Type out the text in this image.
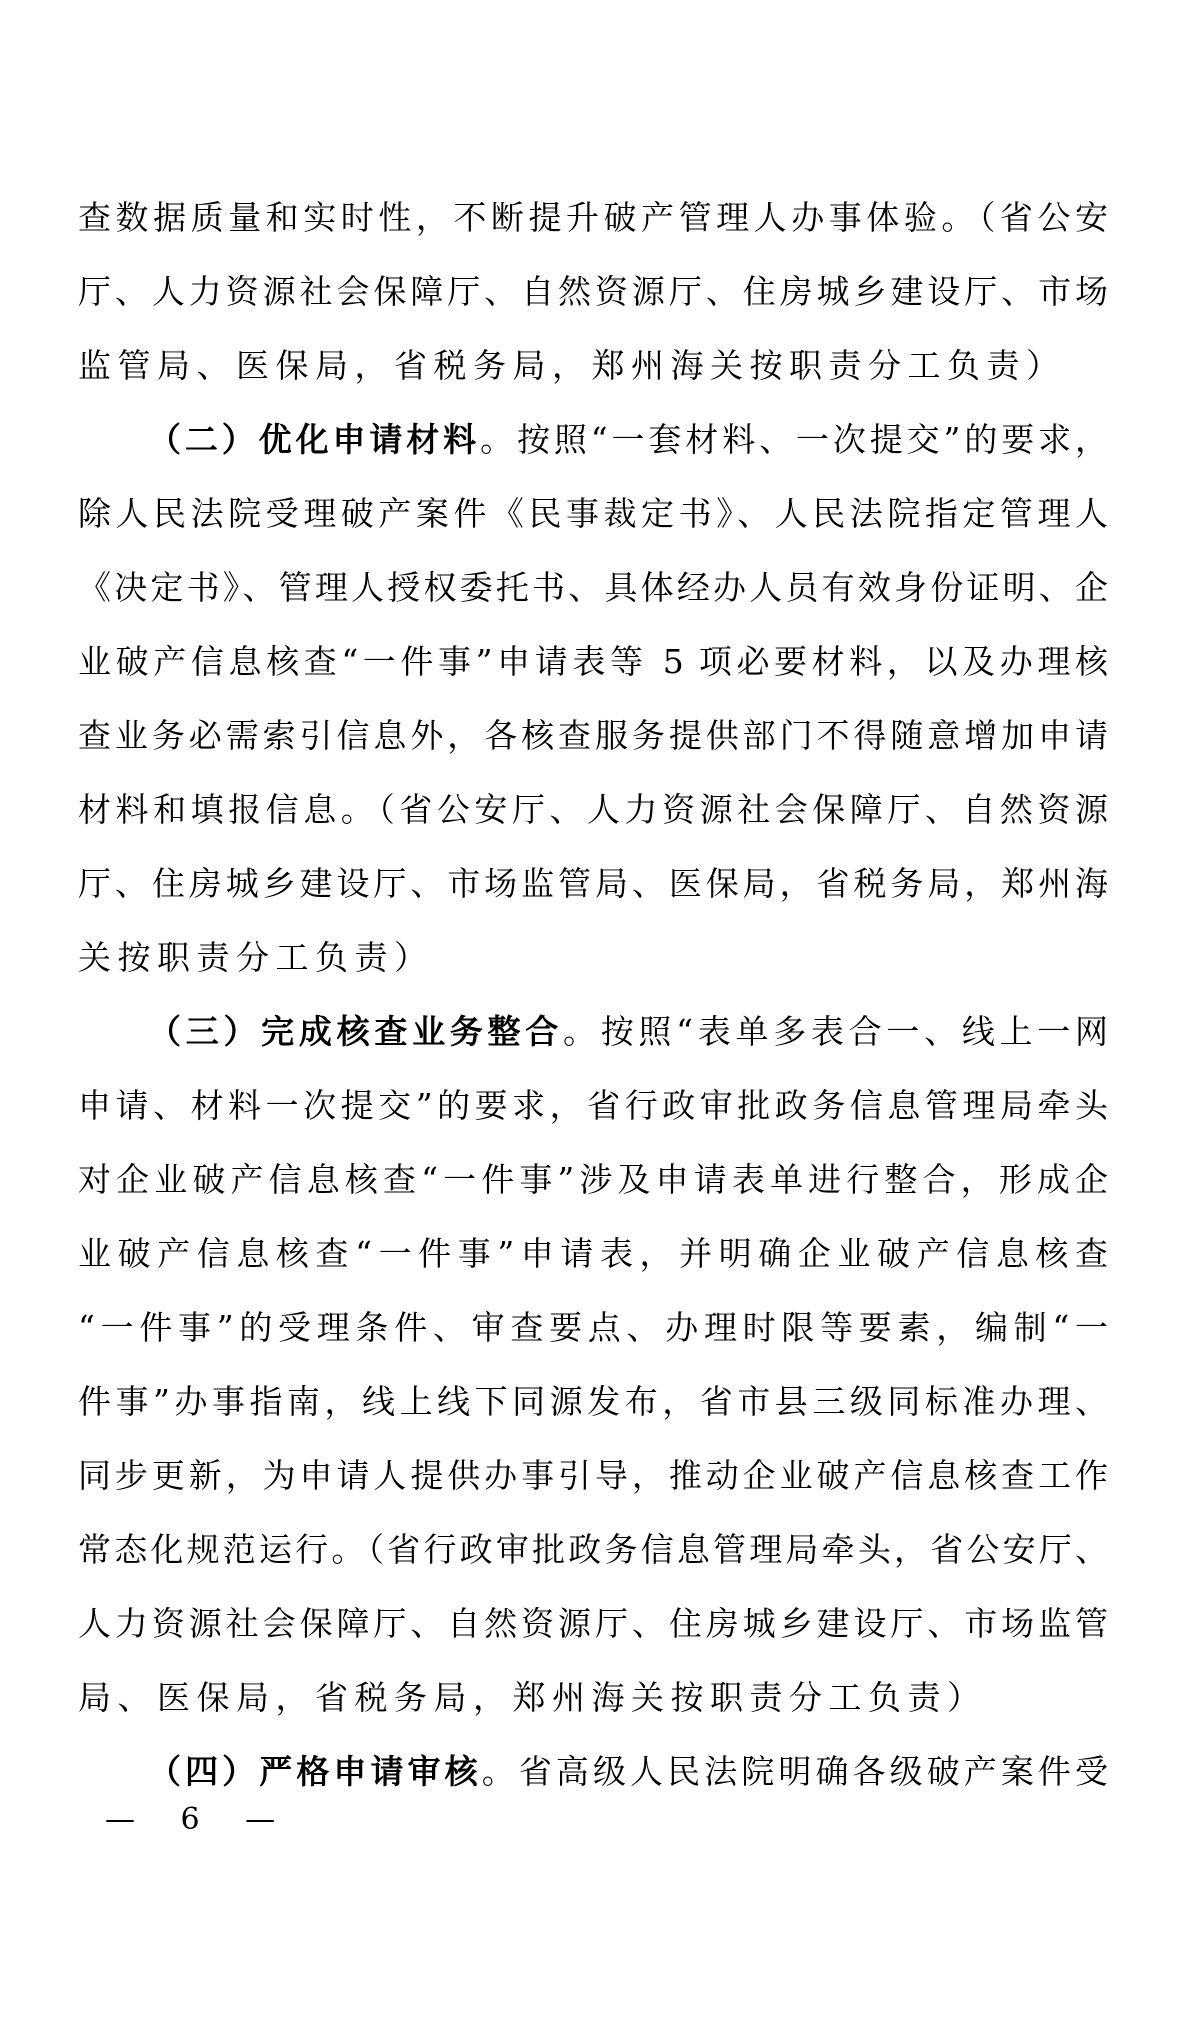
查数据质量和实时性，不断提升破产管理人办事体验。（省公安
厅、人力资源社会保障厅、自然资源厅、住房城乡建设厅、市场
监管局、医保局，省税务局，郑州海关按职责分工负责）
（二）优化申请材料。按照“一套材料、一次提交”的要求，
除人民法院受理破产案件《民事裁定书》、人民法院指定管理人
《决定书》、管理人授权委托书、具体经办人员有效身份证明、企
业破产信息核查“一件事”申请表等 5 项必要材料，以及办理核
查业务必需索引信息外，各核查服务提供部门不得随意增加申请
材料和填报信息。（省公安厅、人力资源社会保障厅、自然资源
厅、住房城乡建设厅、市场监管局、医保局，省税务局，郑州海
关按职责分工负责）
（三）完成核查业务整合。按照“表单多表合一、线上一网
申请、材料一次提交”的要求，省行政审批政务信息管理局牵头
对企业破产信息核查“一件事”涉及申请表单进行整合，形成企
业破产信息核查“一件事”申请表，并明确企业破产信息核查
“一件事”的受理条件、审查要点、办理时限等要素，编制“一
件事”办事指南，线上线下同源发布，省市县三级同标准办理、
同步更新，为申请人提供办事引导，推动企业破产信息核查工作
常态化规范运行。（省行政审批政务信息管理局牵头，省公安厅、
人力资源社会保障厅、自然资源厅、住房城乡建设厅、市场监管
局、医保局，省税务局，郑州海关按职责分工负责）
（四）严格申请审核。省高级人民法院明确各级破产案件受
— 6 —
